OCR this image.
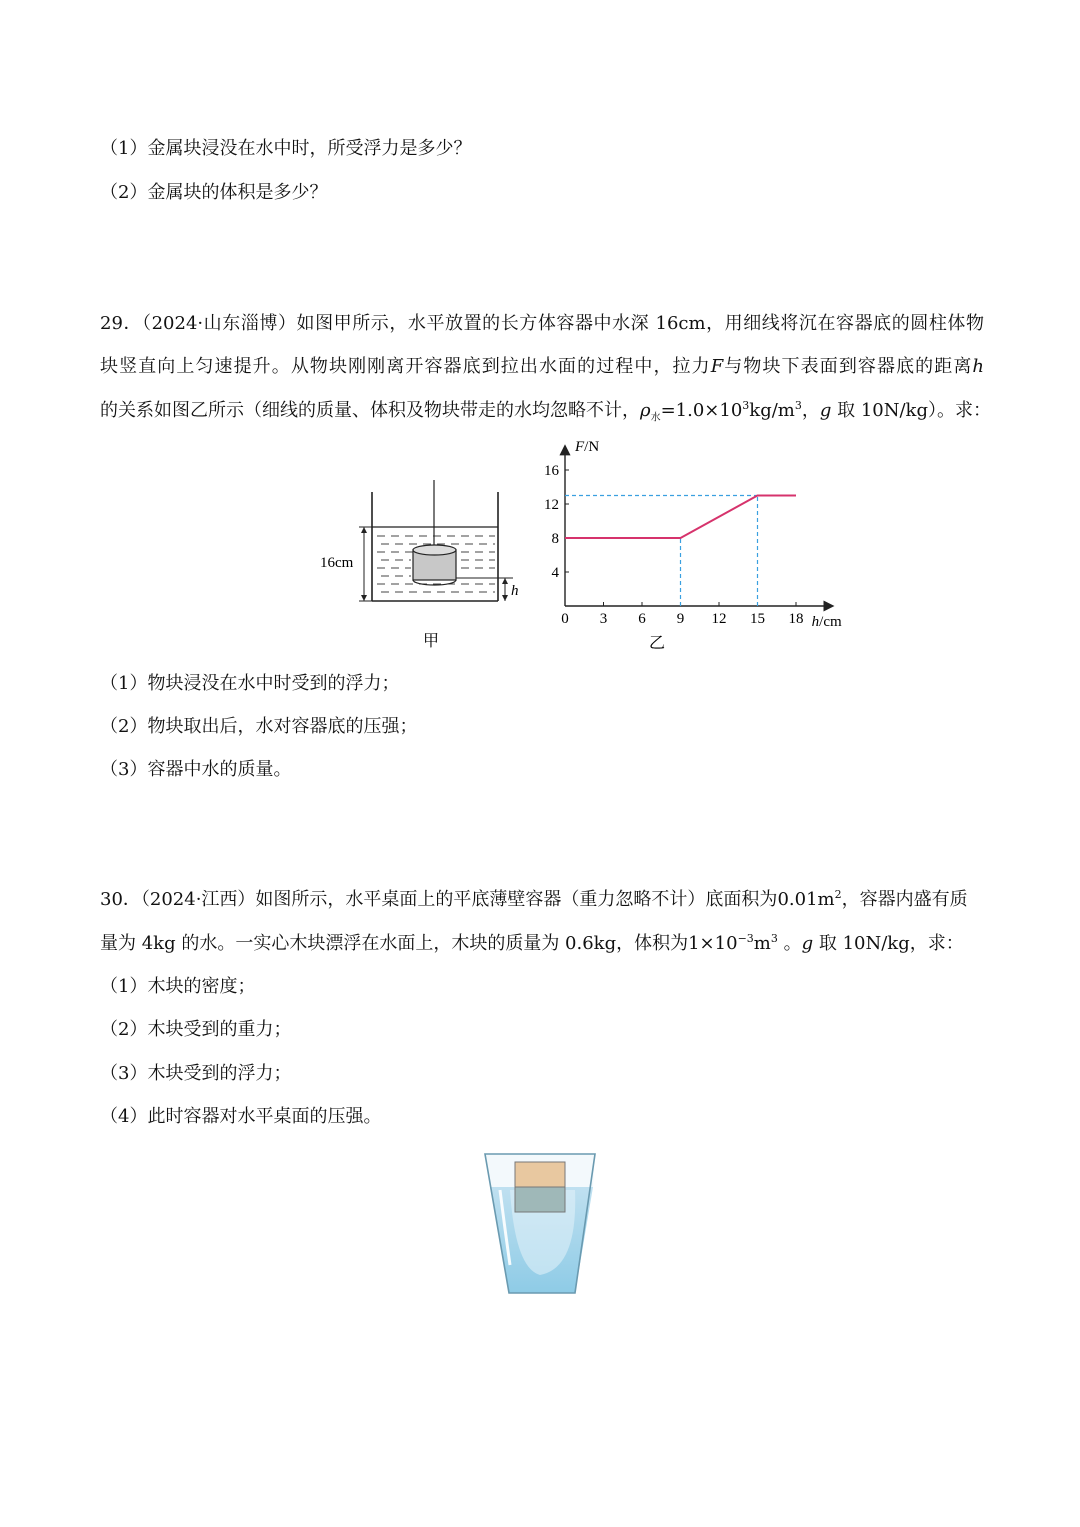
（1）金属块浸没在水中时，所受浮力是多少？
（2）金属块的体积是多少？
29．（2024·山东淄博）如图甲所示，水平放置的长方体容器中水深 16cm，用细线将沉在容器底的圆柱体物
块竖直向上匀速提升。从物块刚刚离开容器底到拉出水面的过程中，拉力F与物块下表面到容器底的距离h
的关系如图乙所示（细线的质量、体积及物块带走的水均忽略不计，$\rho_水=1.0\times 10^3kg/m^3$，g 取 10N/kg）。求：
h
16cm
甲
0 3 6 9 12 15 18
4
8
12
16
F/N
h/cm
乙
（1）物块浸没在水中时受到的浮力；
（2）物块取出后，水对容器底的压强；
（3）容器中水的质量。
30．（2024·江西）如图所示，水平桌面上的平底薄壁容器（重力忽略不计）底面积为$0.01m^2$，容器内盛有质
量为 4kg 的水。一实心木块漂浮在水面上，木块的质量为 0.6kg，体积为$1\times 10^{-3}m^3$ 。g 取 10N/kg，求：
（1）木块的密度；
（2）木块受到的重力；
（3）木块受到的浮力；
（4）此时容器对水平桌面的压强。
